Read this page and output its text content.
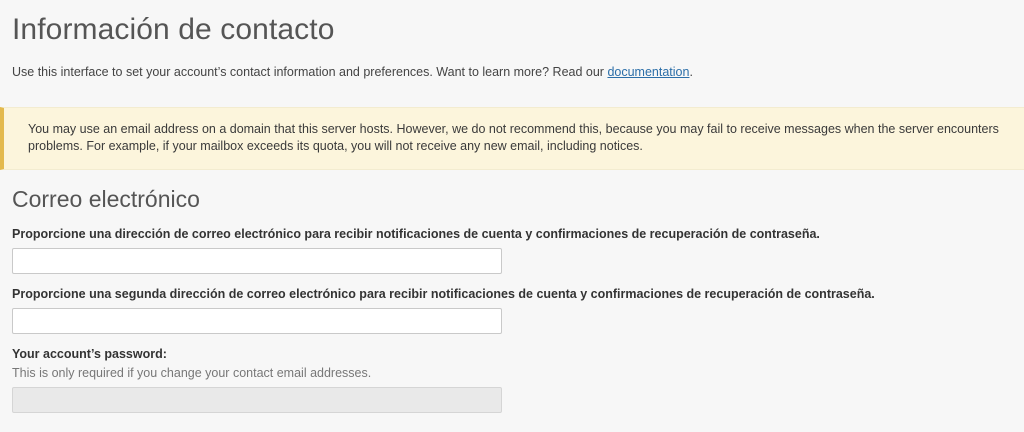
Información de contacto

Use this interface to set your account’s contact information and preferences. Want to learn more? Read our documentation.

You may use an email address on a domain that this server hosts. However, we do not recommend this, because you may fail to receive messages when the server encounters problems. For example, if your mailbox exceeds its quota, you will not receive any new email, including notices.

Correo electrónico
Proporcione una dirección de correo electrónico para recibir notificaciones de cuenta y confirmaciones de recuperación de contraseña.
Proporcione una segunda dirección de correo electrónico para recibir notificaciones de cuenta y confirmaciones de recuperación de contraseña.
Your account’s password:
This is only required if you change your contact email addresses.
